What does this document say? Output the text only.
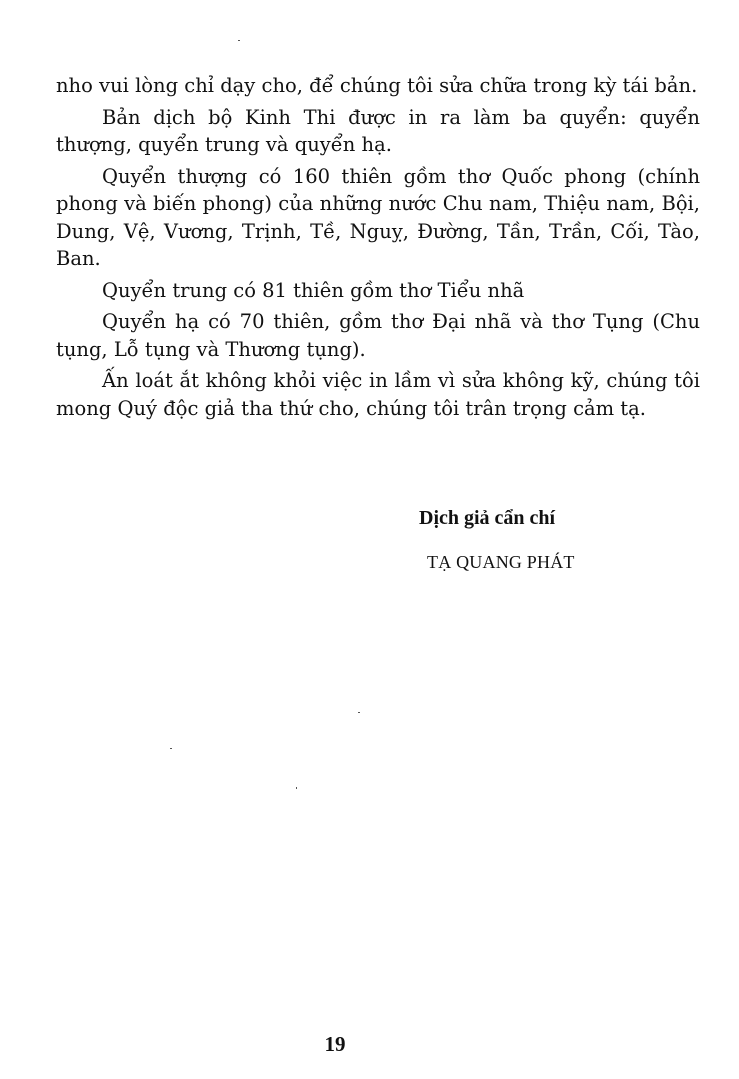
nho vui lòng chỉ dạy cho, để chúng tôi sửa chữa trong kỳ tái bản.

Bản dịch bộ Kinh Thi được in ra làm ba quyển: quyển thượng, quyển trung và quyển hạ.

Quyển thượng có 160 thiên gồm thơ Quốc phong (chính phong và biến phong) của những nước Chu nam, Thiệu nam, Bội, Dung, Vệ, Vương, Trịnh, Tề, Nguỵ, Đường, Tần, Trần, Cối, Tào, Ban.

Quyển trung có 81 thiên gồm thơ Tiểu nhã

Quyển hạ có 70 thiên, gồm thơ Đại nhã và thơ Tụng (Chu tụng, Lỗ tụng và Thương tụng).

Ấn loát ắt không khỏi việc in lầm vì sửa không kỹ, chúng tôi mong Quý độc giả tha thứ cho, chúng tôi trân trọng cảm tạ.

Dịch giả cẩn chí

TẠ QUANG PHÁT

19
